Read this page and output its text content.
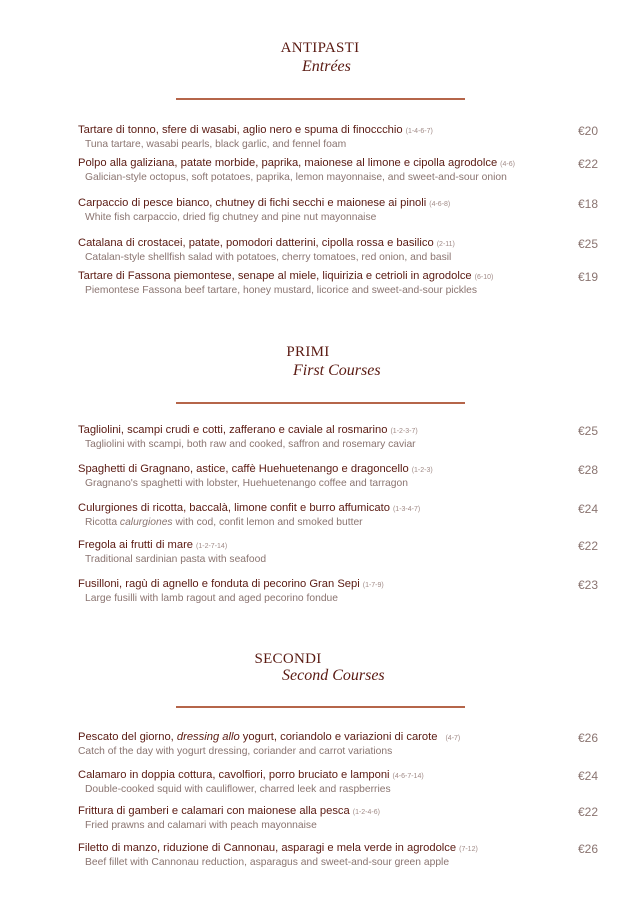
ANTIPASTI
Entrées
Tartare di tonno, sfere di wasabi, aglio nero e spuma di finoccchio (1-4-6-7)
Tuna tartare, wasabi pearls, black garlic, and fennel foam
€20
Polpo alla galiziana, patate morbide, paprika, maionese al limone e cipolla agrodolce (4-6)
Galician-style octopus, soft potatoes, paprika, lemon mayonnaise, and sweet-and-sour onion
€22
Carpaccio di pesce bianco, chutney di fichi secchi e maionese ai pinoli (4-6-8)
White fish carpaccio, dried fig chutney and pine nut mayonnaise
€18
Catalana di crostacei, patate, pomodori datterini, cipolla rossa e basilico (2-11)
Catalan-style shellfish salad with potatoes, cherry tomatoes, red onion, and basil
€25
Tartare di Fassona piemontese, senape al miele, liquirizia e cetrioli in agrodolce (6-10)
Piemontese Fassona beef tartare, honey mustard, licorice and sweet-and-sour pickles
€19
PRIMI
First Courses
Tagliolini, scampi crudi e cotti, zafferano e caviale al rosmarino (1-2-3-7)
Tagliolini with scampi, both raw and cooked, saffron and rosemary caviar
€25
Spaghetti di Gragnano, astice, caffè Huehuetenango e dragoncello (1-2-3)
Gragnano's spaghetti with lobster, Huehuetenango coffee and tarragon
€28
Culurgiones di ricotta, baccalà, limone confit e burro affumicato (1-3-4-7)
Ricotta calurgiones with cod, confit lemon and smoked butter
€24
Fregola ai frutti di mare (1-2-7-14)
Traditional sardinian pasta with seafood
€22
Fusilloni, ragù di agnello e fonduta di pecorino Gran Sepi (1-7-9)
Large fusilli with lamb ragout and aged pecorino fondue
€23
SECONDI
Second Courses
Pescato del giorno, dressing allo yogurt, coriandolo e variazioni di carote (4-7)
Catch of the day with yogurt dressing, coriander and carrot variations
€26
Calamaro in doppia cottura, cavolfiori, porro bruciato e lamponi (4-6-7-14)
Double-cooked squid with cauliflower, charred leek and raspberries
€24
Frittura di gamberi e calamari con maionese alla pesca (1-2-4-6)
Fried prawns and calamari with peach mayonnaise
€22
Filetto di manzo, riduzione di Cannonau, asparagi e mela verde in agrodolce (7-12)
Beef fillet with Cannonau reduction, asparagus and sweet-and-sour green apple
€26
